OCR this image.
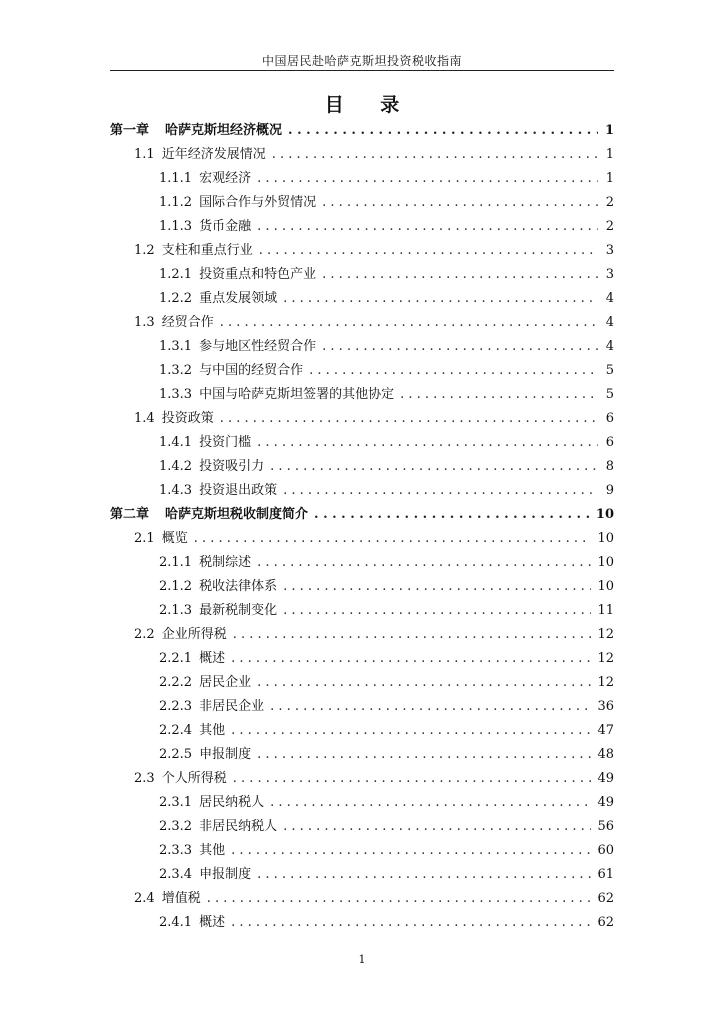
中国居民赴哈萨克斯坦投资税收指南
目 录
第一章 哈萨克斯坦经济概况 . . .	1
1.1 近年经济发展情况 . . .	1
1.1.1 宏观经济 . . .	1
1.1.2 国际合作与外贸情况 . . .	2
1.1.3 货币金融 . . .	2
1.2 支柱和重点行业 . . .	3
1.2.1 投资重点和特色产业 . . .	3
1.2.2 重点发展领域 . . .	4
1.3 经贸合作 . . .	4
1.3.1 参与地区性经贸合作 . . .	4
1.3.2 与中国的经贸合作 . . .	5
1.3.3 中国与哈萨克斯坦签署的其他协定 . . .	5
1.4 投资政策 . . .	6
1.4.1 投资门槛 . . .	6
1.4.2 投资吸引力 . . .	8
1.4.3 投资退出政策 . . .	9
第二章 哈萨克斯坦税收制度简介 . . .	10
2.1 概览 . . .	10
2.1.1 税制综述 . . .	10
2.1.2 税收法律体系 . . .	10
2.1.3 最新税制变化 . . .	11
2.2 企业所得税 . . .	12
2.2.1 概述 . . .	12
2.2.2 居民企业 . . .	12
2.2.3 非居民企业 . . .	36
2.2.4 其他 . . .	47
2.2.5 申报制度 . . .	48
2.3 个人所得税 . . .	49
2.3.1 居民纳税人 . . .	49
2.3.2 非居民纳税人 . . .	56
2.3.3 其他 . . .	60
2.3.4 申报制度 . . .	61
2.4 增值税 . . .	62
2.4.1 概述 . . .	62
1
